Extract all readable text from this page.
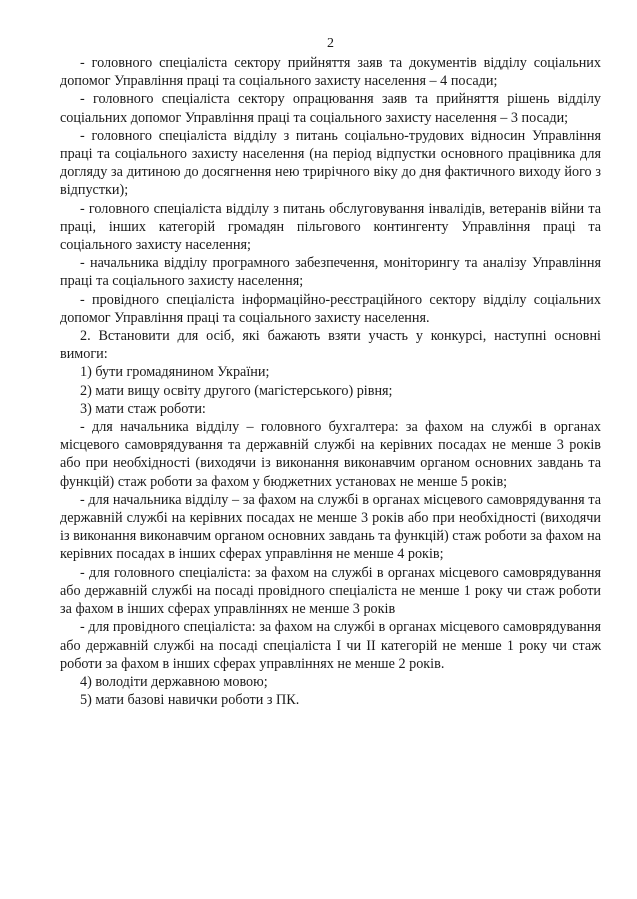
2

- головного спеціаліста сектору прийняття заяв та документів відділу соціальних допомог Управління праці та соціального захисту населення – 4 посади;

- головного спеціаліста сектору опрацювання заяв та прийняття рішень відділу соціальних допомог Управління праці та соціального захисту населення – 3 посади;

- головного спеціаліста відділу з питань соціально-трудових відносин Управління праці та соціального захисту населення (на період відпустки основного працівника для догляду за дитиною до досягнення нею трирічного віку до дня фактичного виходу його з відпустки);

- головного спеціаліста відділу з питань обслуговування інвалідів, ветеранів війни та праці, інших категорій громадян пільгового контингенту Управління праці та соціального захисту населення;

- начальника відділу програмного забезпечення, моніторингу та аналізу Управління праці та соціального захисту населення;

- провідного спеціаліста інформаційно-реєстраційного сектору відділу соціальних допомог Управління праці та соціального захисту населення.

2. Встановити для осіб, які бажають взяти участь у конкурсі, наступні основні вимоги:

1) бути громадянином України;

2) мати вищу освіту другого (магістерського) рівня;

3) мати стаж роботи:

- для начальника відділу – головного бухгалтера: за фахом на службі в органах місцевого самоврядування та державній службі на керівних посадах не менше 3 років або при необхідності (виходячи із виконання виконавчим органом основних завдань та функцій) стаж роботи за фахом у бюджетних установах не менше 5 років;

- для начальника відділу – за фахом на службі в органах місцевого самоврядування та державній службі на керівних посадах не менше 3 років або при необхідності (виходячи із виконання виконавчим органом основних завдань та функцій) стаж роботи за фахом на керівних посадах в інших сферах управління не менше 4 років;

- для головного спеціаліста: за фахом на службі в органах місцевого самоврядування або державній службі на посаді провідного спеціаліста не менше 1 року чи стаж роботи за фахом в інших сферах управліннях не менше 3 років

- для провідного спеціаліста: за фахом на службі в органах місцевого самоврядування або державній службі на посаді спеціаліста І чи ІІ категорій не менше 1 року чи стаж роботи за фахом в інших сферах управліннях не менше 2 років.

4) володіти державною мовою;

5) мати базові навички роботи з ПК.
